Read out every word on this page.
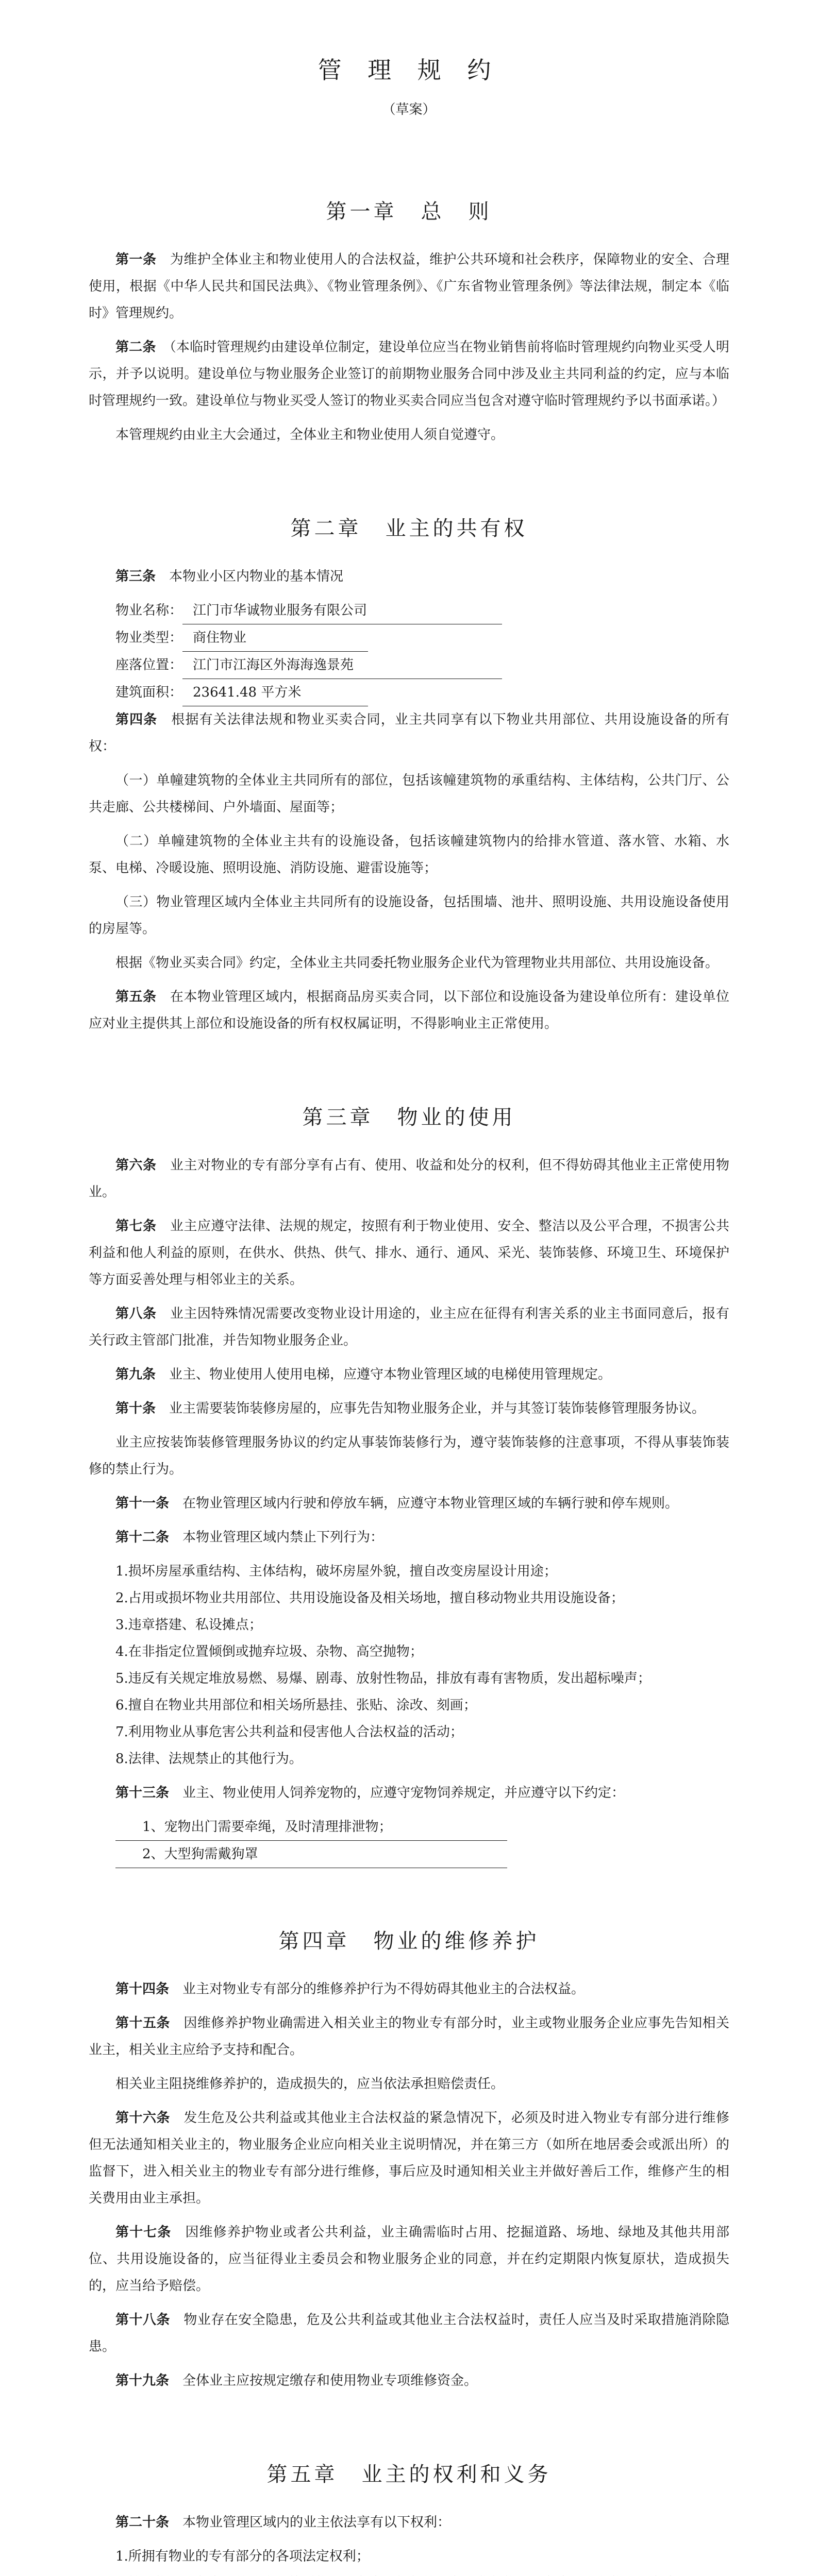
管 理 规 约
（草案）
第一章　总　则

第一条　 为维护全体业主和物业使用人的合法权益，维护公共环境和社会秩序，保障物业的安全、合理使用，根据《中华人民共和国民法典》、《物业管理条例》、《广东省物业管理条例》等法律法规，制定本《临时》管理规约。

第二条　 （本临时管理规约由建设单位制定，建设单位应当在物业销售前将临时管理规约向物业买受人明示，并予以说明。建设单位与物业服务企业签订的前期物业服务合同中涉及业主共同利益的约定，应与本临时管理规约一致。建设单位与物业买受人签订的物业买卖合同应当包含对遵守临时管理规约予以书面承诺。）

本管理规约由业主大会通过，全体业主和物业使用人须自觉遵守。

第二章　业主的共有权

第三条　 本物业小区内物业的基本情况

物业名称： 江门市华诚物业服务有限公司
物业类型： 商住物业
座落位置： 江门市江海区外海海逸景苑
建筑面积： 23641.48 平方米

第四条　 根据有关法律法规和物业买卖合同，业主共同享有以下物业共用部位、共用设施设备的所有权：

（一）单幢建筑物的全体业主共同所有的部位，包括该幢建筑物的承重结构、主体结构，公共门厅、公共走廊、公共楼梯间、户外墙面、屋面等；

（二）单幢建筑物的全体业主共有的设施设备，包括该幢建筑物内的给排水管道、落水管、水箱、水泵、电梯、冷暖设施、照明设施、消防设施、避雷设施等；

（三）物业管理区域内全体业主共同所有的设施设备，包括围墙、池井、照明设施、共用设施设备使用的房屋等。

根据《物业买卖合同》约定，全体业主共同委托物业服务企业代为管理物业共用部位、共用设施设备。

第五条　 在本物业管理区域内，根据商品房买卖合同，以下部位和设施设备为建设单位所有：建设单位应对业主提供其上部位和设施设备的所有权权属证明，不得影响业主正常使用。

第三章　物业的使用

第六条　 业主对物业的专有部分享有占有、使用、收益和处分的权利，但不得妨碍其他业主正常使用物业。

第七条　 业主应遵守法律、法规的规定，按照有利于物业使用、安全、整洁以及公平合理，不损害公共利益和他人利益的原则，在供水、供热、供气、排水、通行、通风、采光、装饰装修、环境卫生、环境保护等方面妥善处理与相邻业主的关系。

第八条　 业主因特殊情况需要改变物业设计用途的，业主应在征得有利害关系的业主书面同意后，报有关行政主管部门批准，并告知物业服务企业。

第九条　 业主、物业使用人使用电梯，应遵守本物业管理区域的电梯使用管理规定。

第十条　 业主需要装饰装修房屋的，应事先告知物业服务企业，并与其签订装饰装修管理服务协议。

业主应按装饰装修管理服务协议的约定从事装饰装修行为，遵守装饰装修的注意事项，不得从事装饰装修的禁止行为。

第十一条　 在物业管理区域内行驶和停放车辆，应遵守本物业管理区域的车辆行驶和停车规则。

第十二条　 本物业管理区域内禁止下列行为：

1.损坏房屋承重结构、主体结构，破坏房屋外貌，擅自改变房屋设计用途；

2.占用或损坏物业共用部位、共用设施设备及相关场地，擅自移动物业共用设施设备；

3.违章搭建、私设摊点；

4.在非指定位置倾倒或抛弃垃圾、杂物、高空抛物；

5.违反有关规定堆放易燃、易爆、剧毒、放射性物品，排放有毒有害物质，发出超标噪声；

6.擅自在物业共用部位和相关场所悬挂、张贴、涂改、刻画；

7.利用物业从事危害公共利益和侵害他人合法权益的活动；

8.法律、法规禁止的其他行为。

第十三条　 业主、物业使用人饲养宠物的，应遵守宠物饲养规定，并应遵守以下约定：

1、宠物出门需要牵绳，及时清理排泄物；

2、大型狗需戴狗罩

第四章　物业的维修养护

第十四条　 业主对物业专有部分的维修养护行为不得妨碍其他业主的合法权益。

第十五条　 因维修养护物业确需进入相关业主的物业专有部分时，业主或物业服务企业应事先告知相关业主，相关业主应给予支持和配合。

相关业主阻挠维修养护的，造成损失的，应当依法承担赔偿责任。

第十六条　 发生危及公共利益或其他业主合法权益的紧急情况下，必须及时进入物业专有部分进行维修但无法通知相关业主的，物业服务企业应向相关业主说明情况，并在第三方（如所在地居委会或派出所）的监督下，进入相关业主的物业专有部分进行维修，事后应及时通知相关业主并做好善后工作，维修产生的相关费用由业主承担。

第十七条　 因维修养护物业或者公共利益，业主确需临时占用、挖掘道路、场地、绿地及其他共用部位、共用设施设备的，应当征得业主委员会和物业服务企业的同意，并在约定期限内恢复原状，造成损失的，应当给予赔偿。

第十八条　 物业存在安全隐患，危及公共利益或其他业主合法权益时，责任人应当及时采取措施消除隐患。

第十九条　 全体业主应按规定缴存和使用物业专项维修资金。

第五章　业主的权利和义务

第二十条　 本物业管理区域内的业主依法享有以下权利：

1.所拥有物业的专有部分的各项法定权利；
